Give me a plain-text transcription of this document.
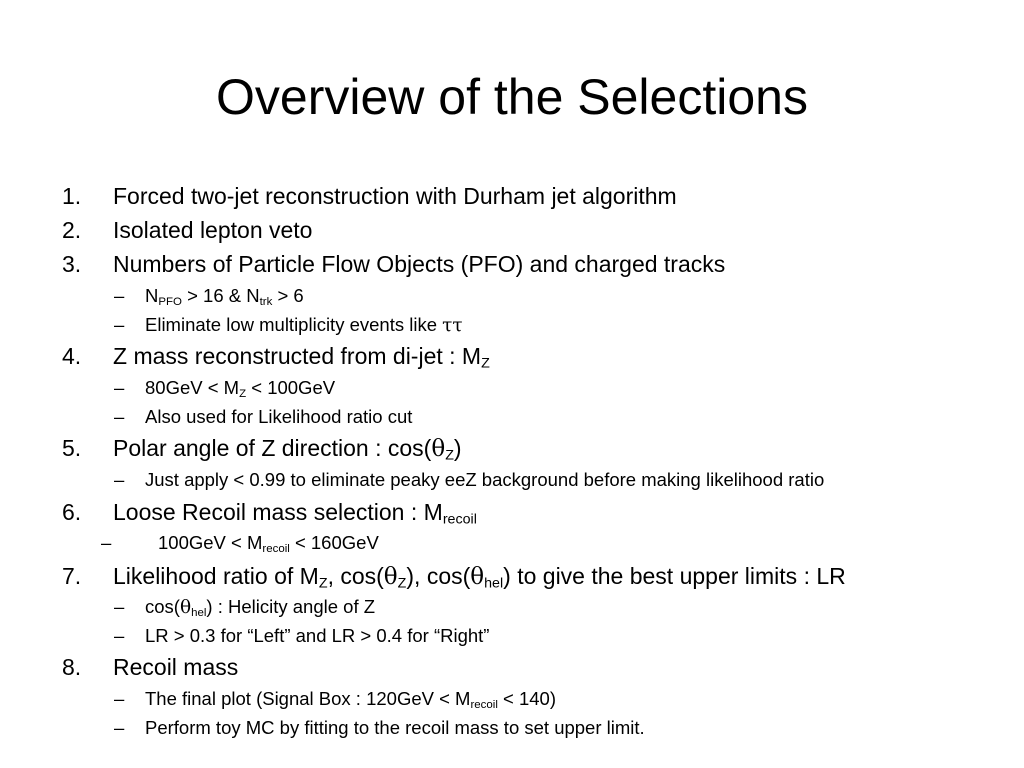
Overview of the Selections
1. Forced two-jet reconstruction with Durham jet algorithm
2. Isolated lepton veto
3. Numbers of Particle Flow Objects (PFO) and charged tracks
– $N_{PFO} > 16$ & $N_{trk} > 6$
– Eliminate low multiplicity events like ττ
4. Z mass reconstructed from di-jet : $M_Z$
– $80GeV < M_Z < 100GeV$
– Also used for Likelihood ratio cut
5. Polar angle of Z direction : $\cos(\theta_Z)$
– Just apply < 0.99 to eliminate peaky eeZ background before making likelihood ratio
6. Loose Recoil mass selection : $M_{recoil}$
–	$100GeV < M_{recoil} < 160GeV$
7. Likelihood ratio of $M_Z$, $\cos(\theta_Z)$, $\cos(\theta_{hel})$ to give the best upper limits : LR
– $\cos(\theta_{hel})$ : Helicity angle of Z
– LR > 0.3 for “Left” and LR > 0.4 for “Right”
8. Recoil mass
– The final plot (Signal Box : $120GeV < M_{recoil} < 140$)
– Perform toy MC by fitting to the recoil mass to set upper limit.
